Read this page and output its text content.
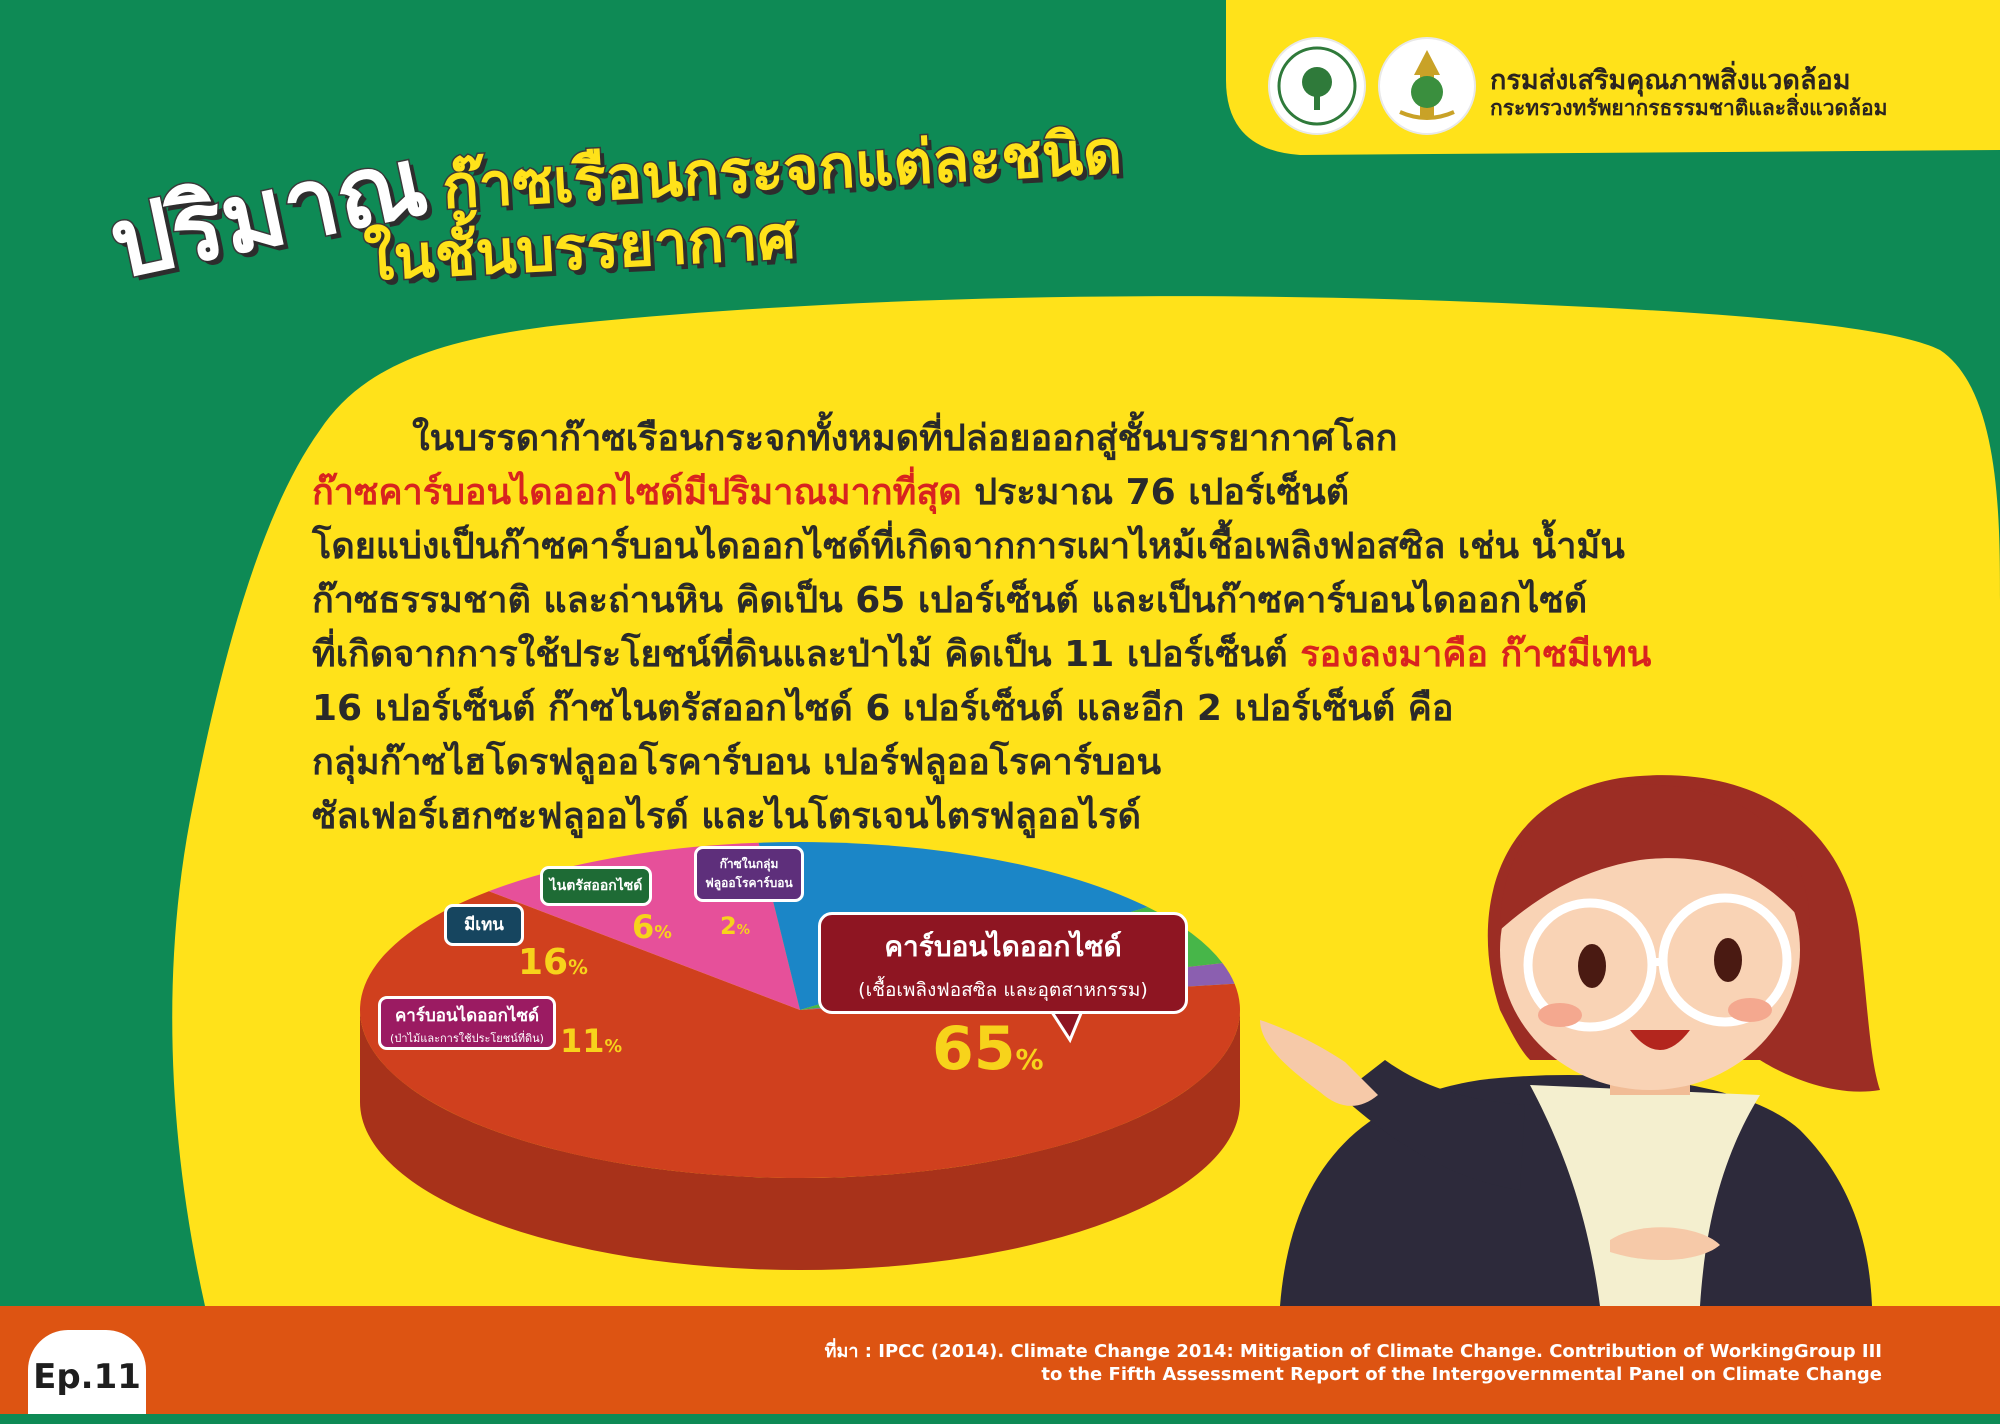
กรมส่งเสริมคุณภาพสิ่งแวดล้อม
กระทรวงทรัพยากรธรรมชาติและสิ่งแวดล้อม
ปริมาณ ก๊าซเรือนกระจกแต่ละชนิด
ในชั้นบรรยากาศ
ในบรรดาก๊าซเรือนกระจกทั้งหมดที่ปล่อยออกสู่ชั้นบรรยากาศโลก
ก๊าซคาร์บอนไดออกไซด์มีปริมาณมากที่สุด ประมาณ 76 เปอร์เซ็นต์
โดยแบ่งเป็นก๊าซคาร์บอนไดออกไซด์ที่เกิดจากการเผาไหม้เชื้อเพลิงฟอสซิล เช่น น้ำมัน
ก๊าซธรรมชาติ และถ่านหิน คิดเป็น 65 เปอร์เซ็นต์ และเป็นก๊าซคาร์บอนไดออกไซด์
ที่เกิดจากการใช้ประโยชน์ที่ดินและป่าไม้ คิดเป็น 11 เปอร์เซ็นต์ รองลงมาคือ ก๊าซมีเทน
16 เปอร์เซ็นต์ ก๊าซไนตรัสออกไซด์ 6 เปอร์เซ็นต์ และอีก 2 เปอร์เซ็นต์ คือ
กลุ่มก๊าซไฮโดรฟลูออโรคาร์บอน เปอร์ฟลูออโรคาร์บอน
ซัลเฟอร์เฮกซะฟลูออไรด์ และไนโตรเจนไตรฟลูออไรด์
คาร์บอนไดออกไซด์
(เชื้อเพลิงฟอสซิล และอุตสาหกรรม)
65%
คาร์บอนไดออกไซด์
(ป่าไม้และการใช้ประโยชน์ที่ดิน) 11%
มีเทน
16%
ไนตรัสออกไซด์
6%
ก๊าซในกลุ่ม
ฟลูออโรคาร์บอน
2%
ที่มา : IPCC (2014). Climate Change 2014: Mitigation of Climate Change. Contribution of WorkingGroup III
to the Fifth Assessment Report of the Intergovernmental Panel on Climate Change
Ep.11
